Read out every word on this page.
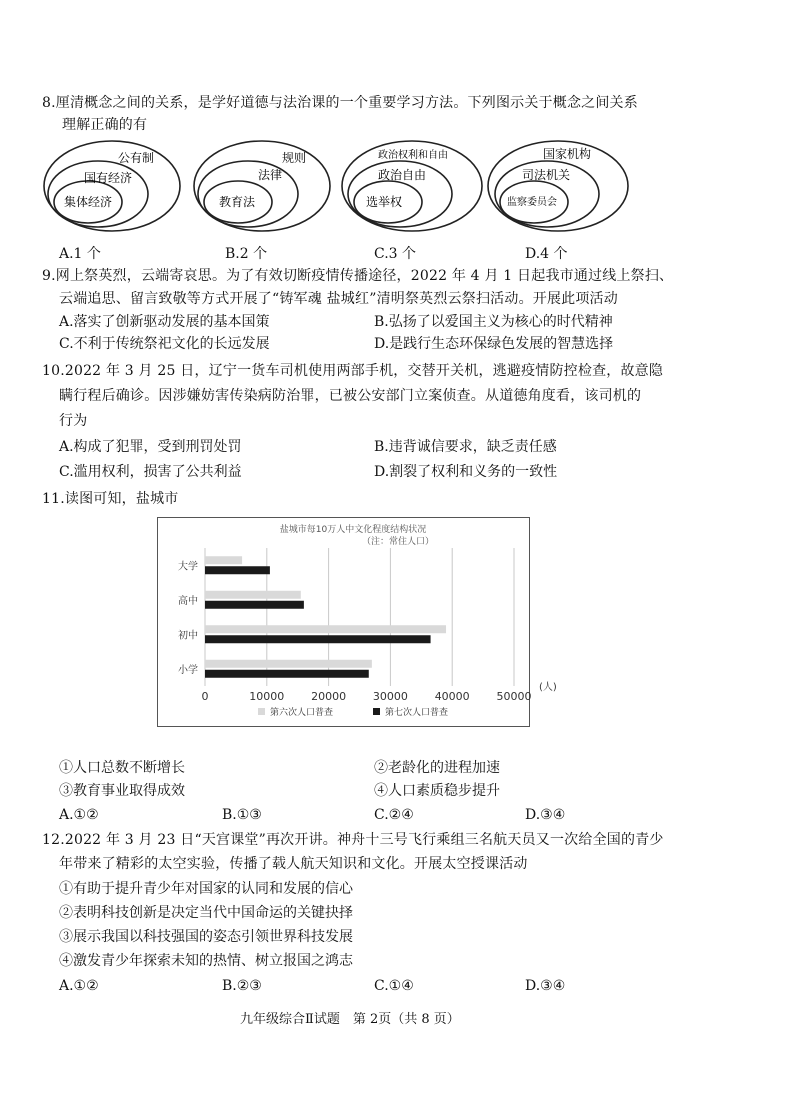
8.厘清概念之间的关系，是学好道德与法治课的一个重要学习方法。下列图示关于概念之间关系
理解正确的有
公有制
国有经济
集体经济
规则
法律
教育法
政治权利和自由
政治自由
选举权
国家机构
司法机关
监察委员会
A.1 个	B.2 个	C.3 个	D.4 个
9.网上祭英烈，云端寄哀思。为了有效切断疫情传播途径，2022 年 4 月 1 日起我市通过线上祭扫、
云端追思、留言致敬等方式开展了“铸军魂 盐城红”清明祭英烈云祭扫活动。开展此项活动
A.落实了创新驱动发展的基本国策	B.弘扬了以爱国主义为核心的时代精神
C.不利于传统祭祀文化的长远发展	D.是践行生态环保绿色发展的智慧选择
10.2022 年 3 月 25 日，辽宁一货车司机使用两部手机，交替开关机，逃避疫情防控检查，故意隐
瞒行程后确诊。因涉嫌妨害传染病防治罪，已被公安部门立案侦查。从道德角度看，该司机的
行为
A.构成了犯罪，受到刑罚处罚	B.违背诚信要求，缺乏责任感
C.滥用权利，损害了公共利益	D.割裂了权利和义务的一致性
11.读图可知，盐城市
盐城市每10万人中文化程度结构状况
（注：常住人口）
0	10000 20000 30000 40000 50000
大学
高中
初中
小学
(人)
第六次人口普查	第七次人口普查
①人口总数不断增长	②老龄化的进程加速
③教育事业取得成效	④人口素质稳步提升
A.①②	B.①③	C.②④	D.③④
12.2022 年 3 月 23 日“天宫课堂”再次开讲。神舟十三号飞行乘组三名航天员又一次给全国的青少
年带来了精彩的太空实验，传播了载人航天知识和文化。开展太空授课活动
①有助于提升青少年对国家的认同和发展的信心
②表明科技创新是决定当代中国命运的关键抉择
③展示我国以科技强国的姿态引领世界科技发展
④激发青少年探索未知的热情、树立报国之鸿志
A.①②	B.②③	C.①④	D.③④
九年级综合Ⅱ试题　第 2页（共 8 页）
